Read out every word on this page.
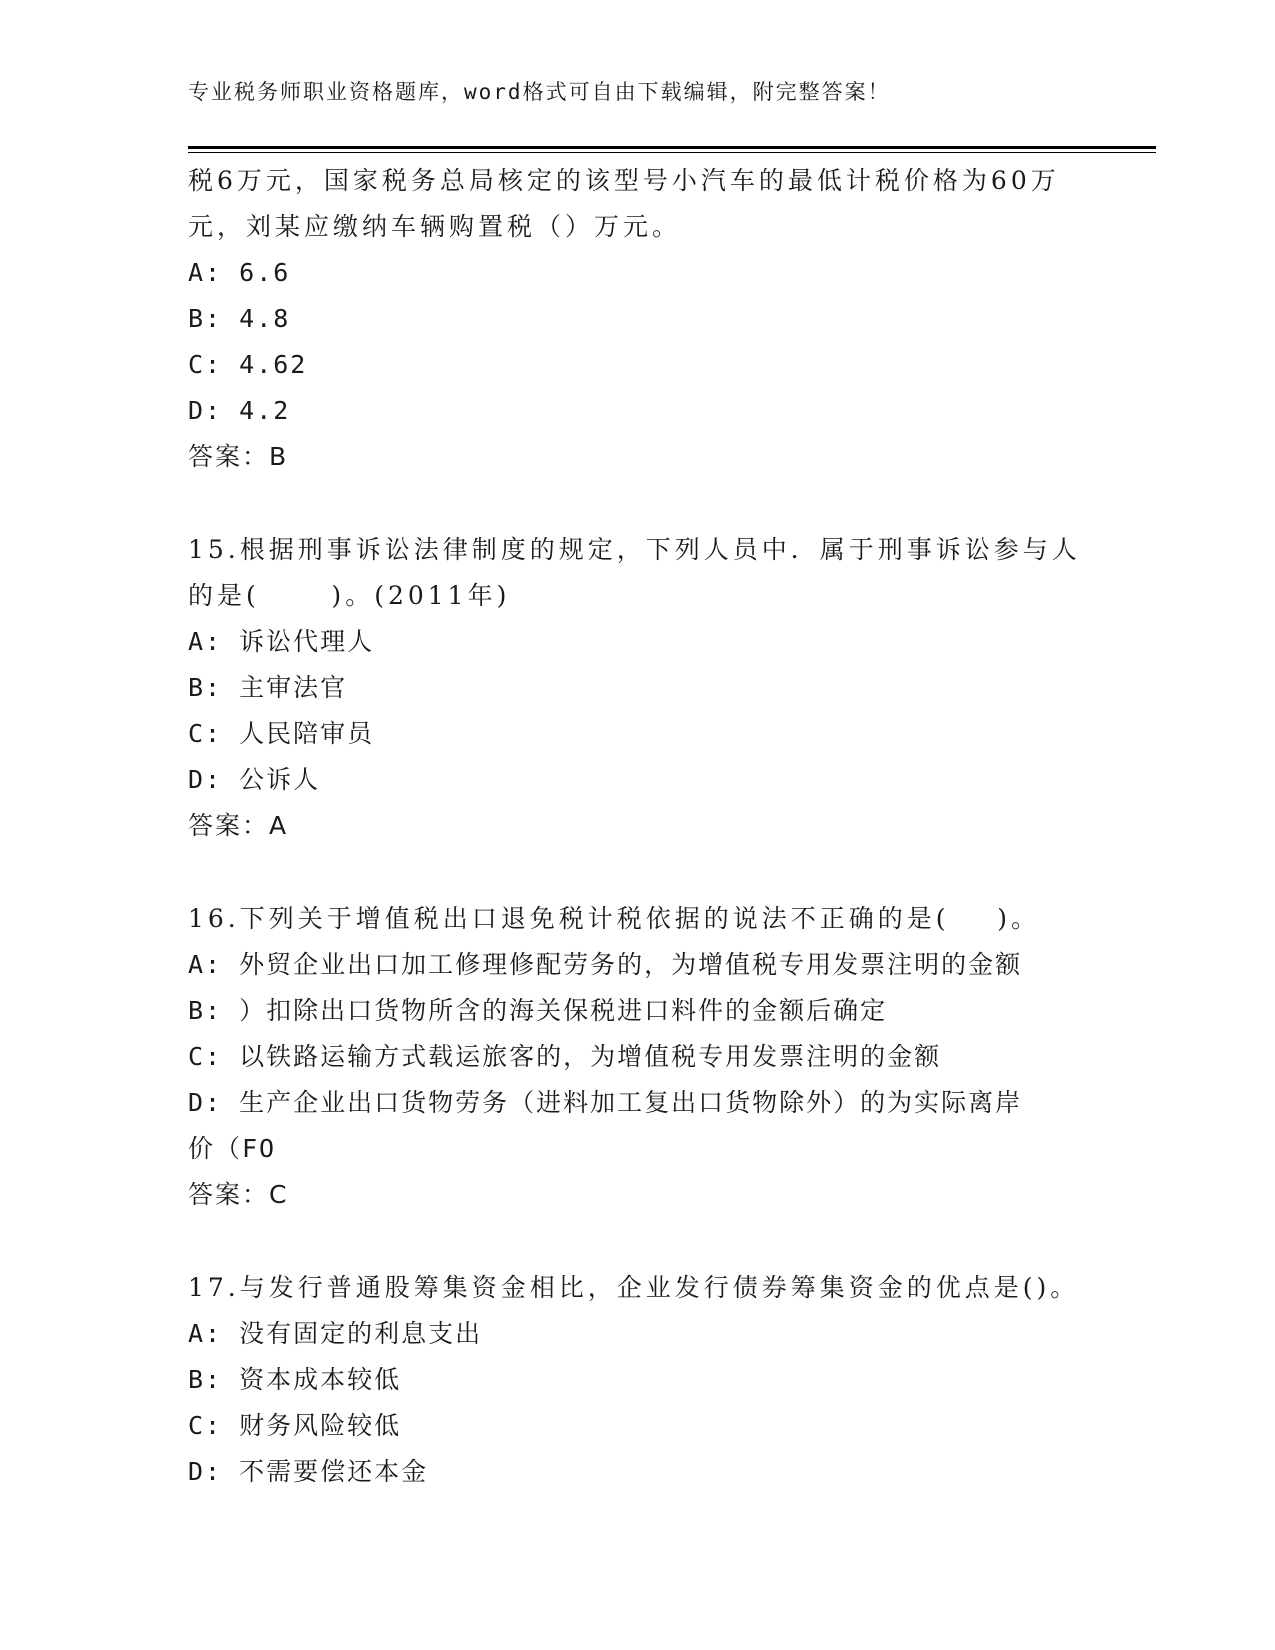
专业税务师职业资格题库，word格式可自由下载编辑，附完整答案！
税6万元，国家税务总局核定的该型号小汽车的最低计税价格为60万
元，刘某应缴纳车辆购置税（）万元。
A: 6.6
B: 4.8
C: 4.62
D: 4.2
答案：B
15.根据刑事诉讼法律制度的规定，下列人员中．属于刑事诉讼参与人
的是(      )。(2011年)
A: 诉讼代理人
B: 主审法官
C: 人民陪审员
D: 公诉人
答案：A
16.下列关于增值税出口退免税计税依据的说法不正确的是(    )。
A: 外贸企业出口加工修理修配劳务的，为增值税专用发票注明的金额
B: ）扣除出口货物所含的海关保税进口料件的金额后确定
C: 以铁路运输方式载运旅客的，为增值税专用发票注明的金额
D: 生产企业出口货物劳务（进料加工复出口货物除外）的为实际离岸
价（FO
答案：C
17.与发行普通股筹集资金相比，企业发行债券筹集资金的优点是()。
A: 没有固定的利息支出
B: 资本成本较低
C: 财务风险较低
D: 不需要偿还本金
